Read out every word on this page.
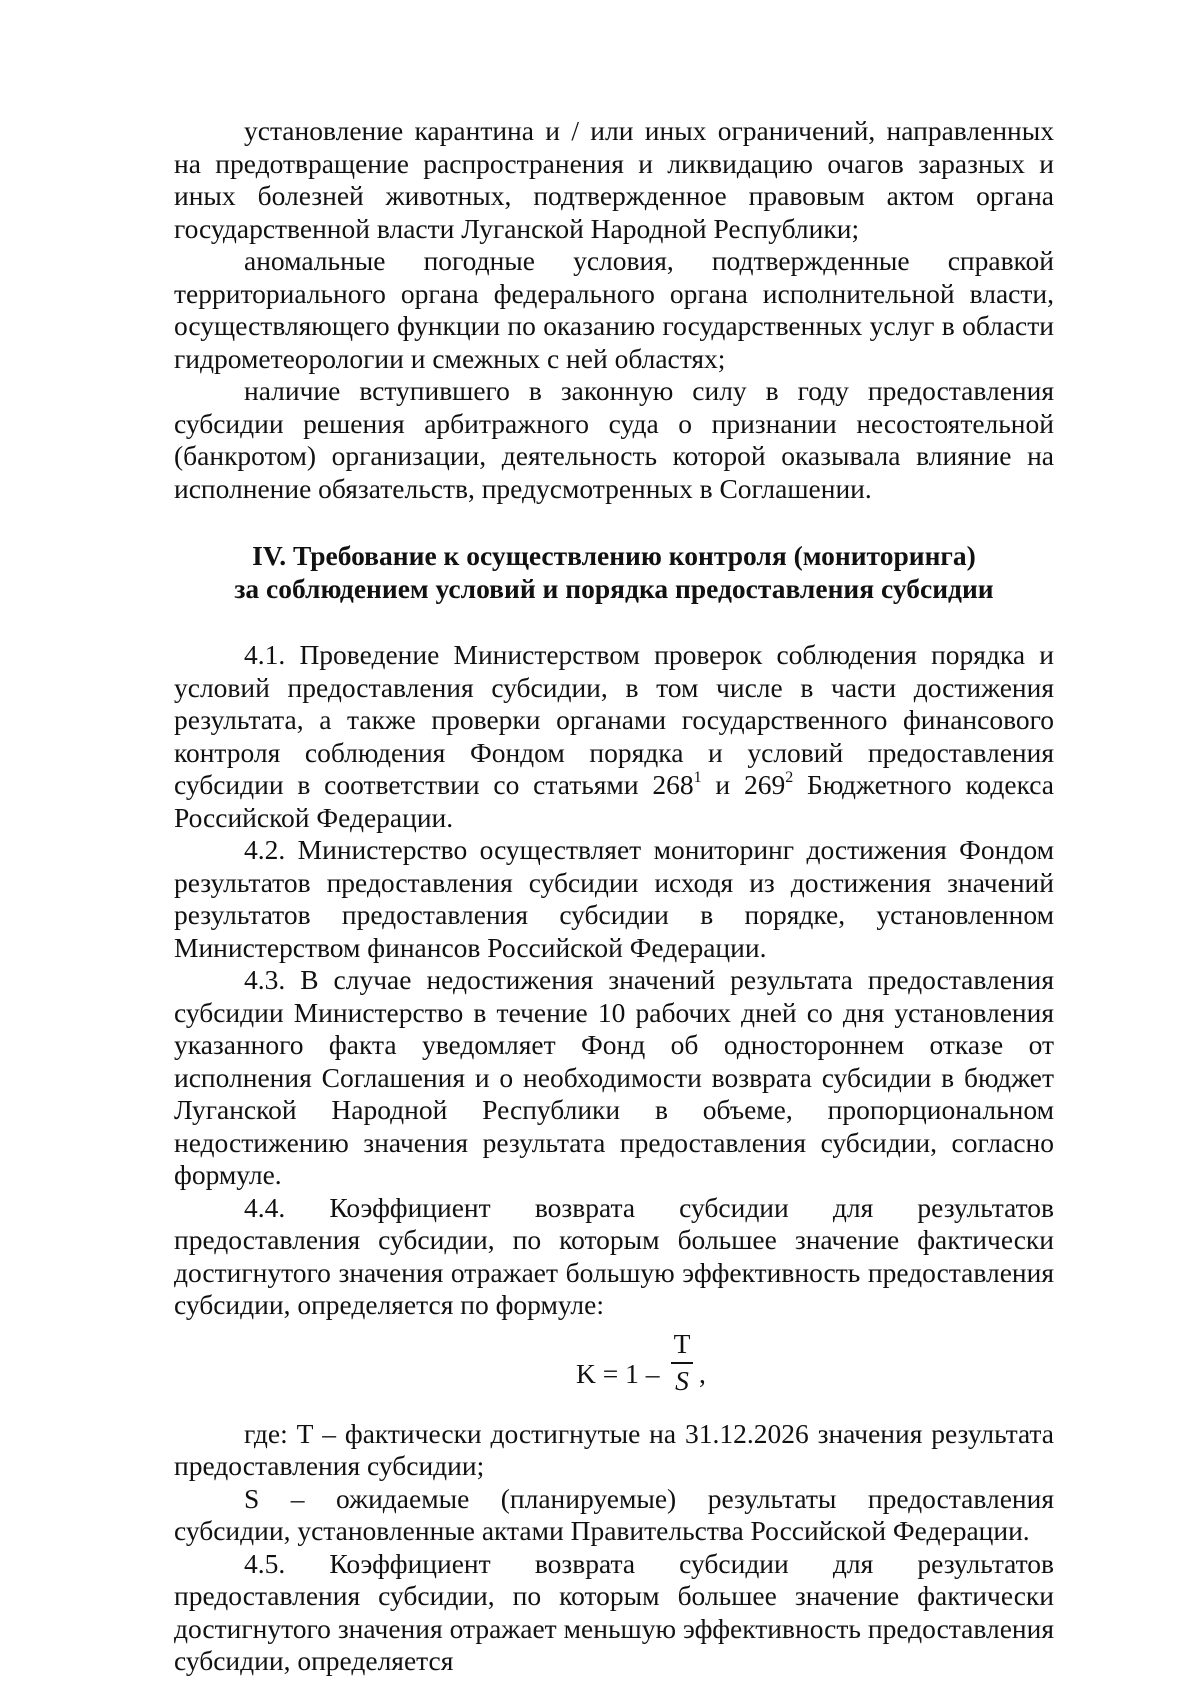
установление карантина и / или иных ограничений, направленных на предотвращение распространения и ликвидацию очагов заразных и иных болезней животных, подтвержденное правовым актом органа государственной власти Луганской Народной Республики;

аномальные погодные условия, подтвержденные справкой территориального органа федерального органа исполнительной власти, осуществляющего функции по оказанию государственных услуг в области гидрометеорологии и смежных с ней областях;

наличие вступившего в законную силу в году предоставления субсидии решения арбитражного суда о признании несостоятельной (банкротом) организации, деятельность которой оказывала влияние на исполнение обязательств, предусмотренных в Соглашении.

IV. Требование к осуществлению контроля (мониторинга)
за соблюдением условий и порядка предоставления субсидии

4.1. Проведение Министерством проверок соблюдения порядка и условий предоставления субсидии, в том числе в части достижения результата, а также проверки органами государственного финансового контроля соблюдения Фондом порядка и условий предоставления субсидии в соответствии со статьями $268^1$ и $269^2$ Бюджетного кодекса Российской Федерации.

4.2. Министерство осуществляет мониторинг достижения Фондом результатов предоставления субсидии исходя из достижения значений результатов предоставления субсидии в порядке, установленном Министерством финансов Российской Федерации.

4.3. В случае недостижения значений результата предоставления субсидии Министерство в течение 10 рабочих дней со дня установления указанного факта уведомляет Фонд об одностороннем отказе от исполнения Соглашения и о необходимости возврата субсидии в бюджет Луганской Народной Республики в объеме, пропорциональном недостижению значения результата предоставления субсидии, согласно формуле.

4.4. Коэффициент возврата субсидии для результатов предоставления субсидии, по которым большее значение фактически достигнутого значения отражает большую эффективность предоставления субсидии, определяется по формуле:

K = 1 –
T
S ,

где: Т – фактически достигнутые на 31.12.2026 значения результата предоставления субсидии;

S – ожидаемые (планируемые) результаты предоставления субсидии, установленные актами Правительства Российской Федерации.

4.5. Коэффициент возврата субсидии для результатов предоставления субсидии, по которым большее значение фактически достигнутого значения отражает меньшую эффективность предоставления субсидии, определяется
